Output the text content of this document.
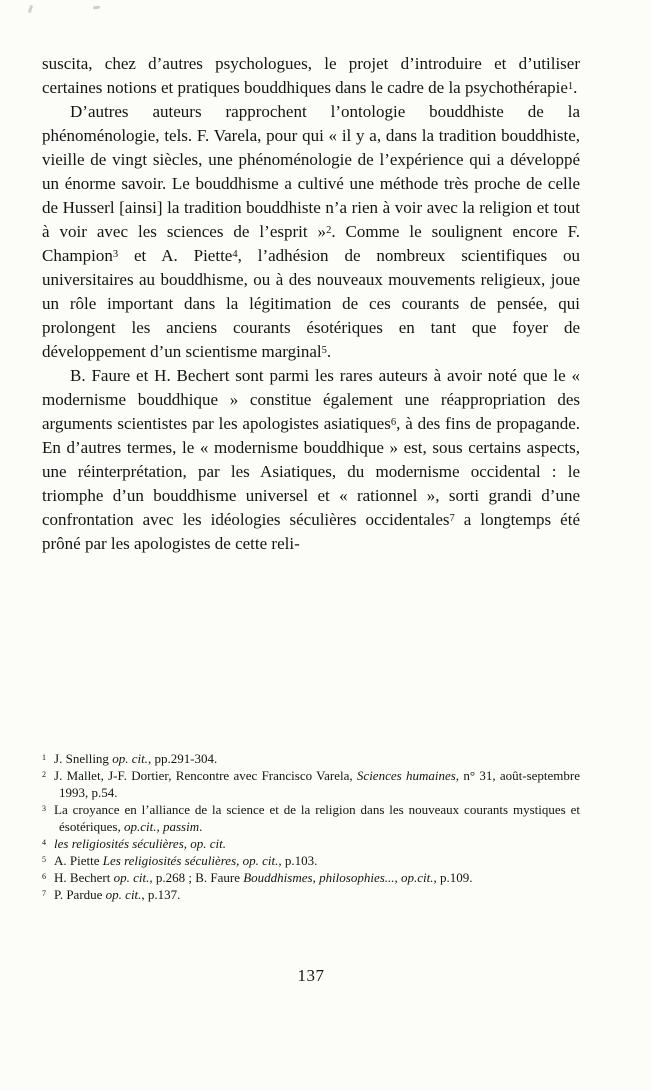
suscita, chez d’autres psychologues, le projet d’introduire et d’utiliser certaines notions et pratiques bouddhiques dans le cadre de la psychothérapie$^1$.

D’autres auteurs rapprochent l’ontologie bouddhiste de la phénoménologie, tels. F. Varela, pour qui « il y a, dans la tradition bouddhiste, vieille de vingt siècles, une phénoménologie de l’expérience qui a développé un énorme savoir. Le bouddhisme a cultivé une méthode très proche de celle de Husserl [ainsi] la tradition bouddhiste n’a rien à voir avec la religion et tout à voir avec les sciences de l’esprit »$^2$. Comme le soulignent encore F. Champion$^3$ et A. Piette$^4$, l’adhésion de nombreux scientifiques ou universitaires au bouddhisme, ou à des nouveaux mouvements religieux, joue un rôle important dans la légitimation de ces courants de pensée, qui prolongent les anciens courants ésotériques en tant que foyer de développement d’un scientisme marginal$^5$.

B. Faure et H. Bechert sont parmi les rares auteurs à avoir noté que le « modernisme bouddhique » constitue également une réappropriation des arguments scientistes par les apologistes asiatiques$^6$, à des fins de propagande. En d’autres termes, le « modernisme bouddhique » est, sous certains aspects, une réinterprétation, par les Asiatiques, du modernisme occidental : le triomphe d’un bouddhisme universel et « rationnel », sorti grandi d’une confrontation avec les idéologies séculières occidentales$^7$ a longtemps été prôné par les apologistes de cette reli-

$^1$ J. Snelling op. cit., pp.291-304.
$^2$ J. Mallet, J-F. Dortier, Rencontre avec Francisco Varela, Sciences humaines, n° 31, août-septembre 1993, p.54.
$^3$ La croyance en l’alliance de la science et de la religion dans les nouveaux courants mystiques et ésotériques, op.cit., passim.
$^4$ les religiosités séculières, op. cit.
$^5$ A. Piette Les religiosités séculières, op. cit., p.103.
$^6$ H. Bechert op. cit., p.268 ; B. Faure Bouddhismes, philosophies..., op.cit., p.109.
$^7$ P. Pardue op. cit., p.137.
137
